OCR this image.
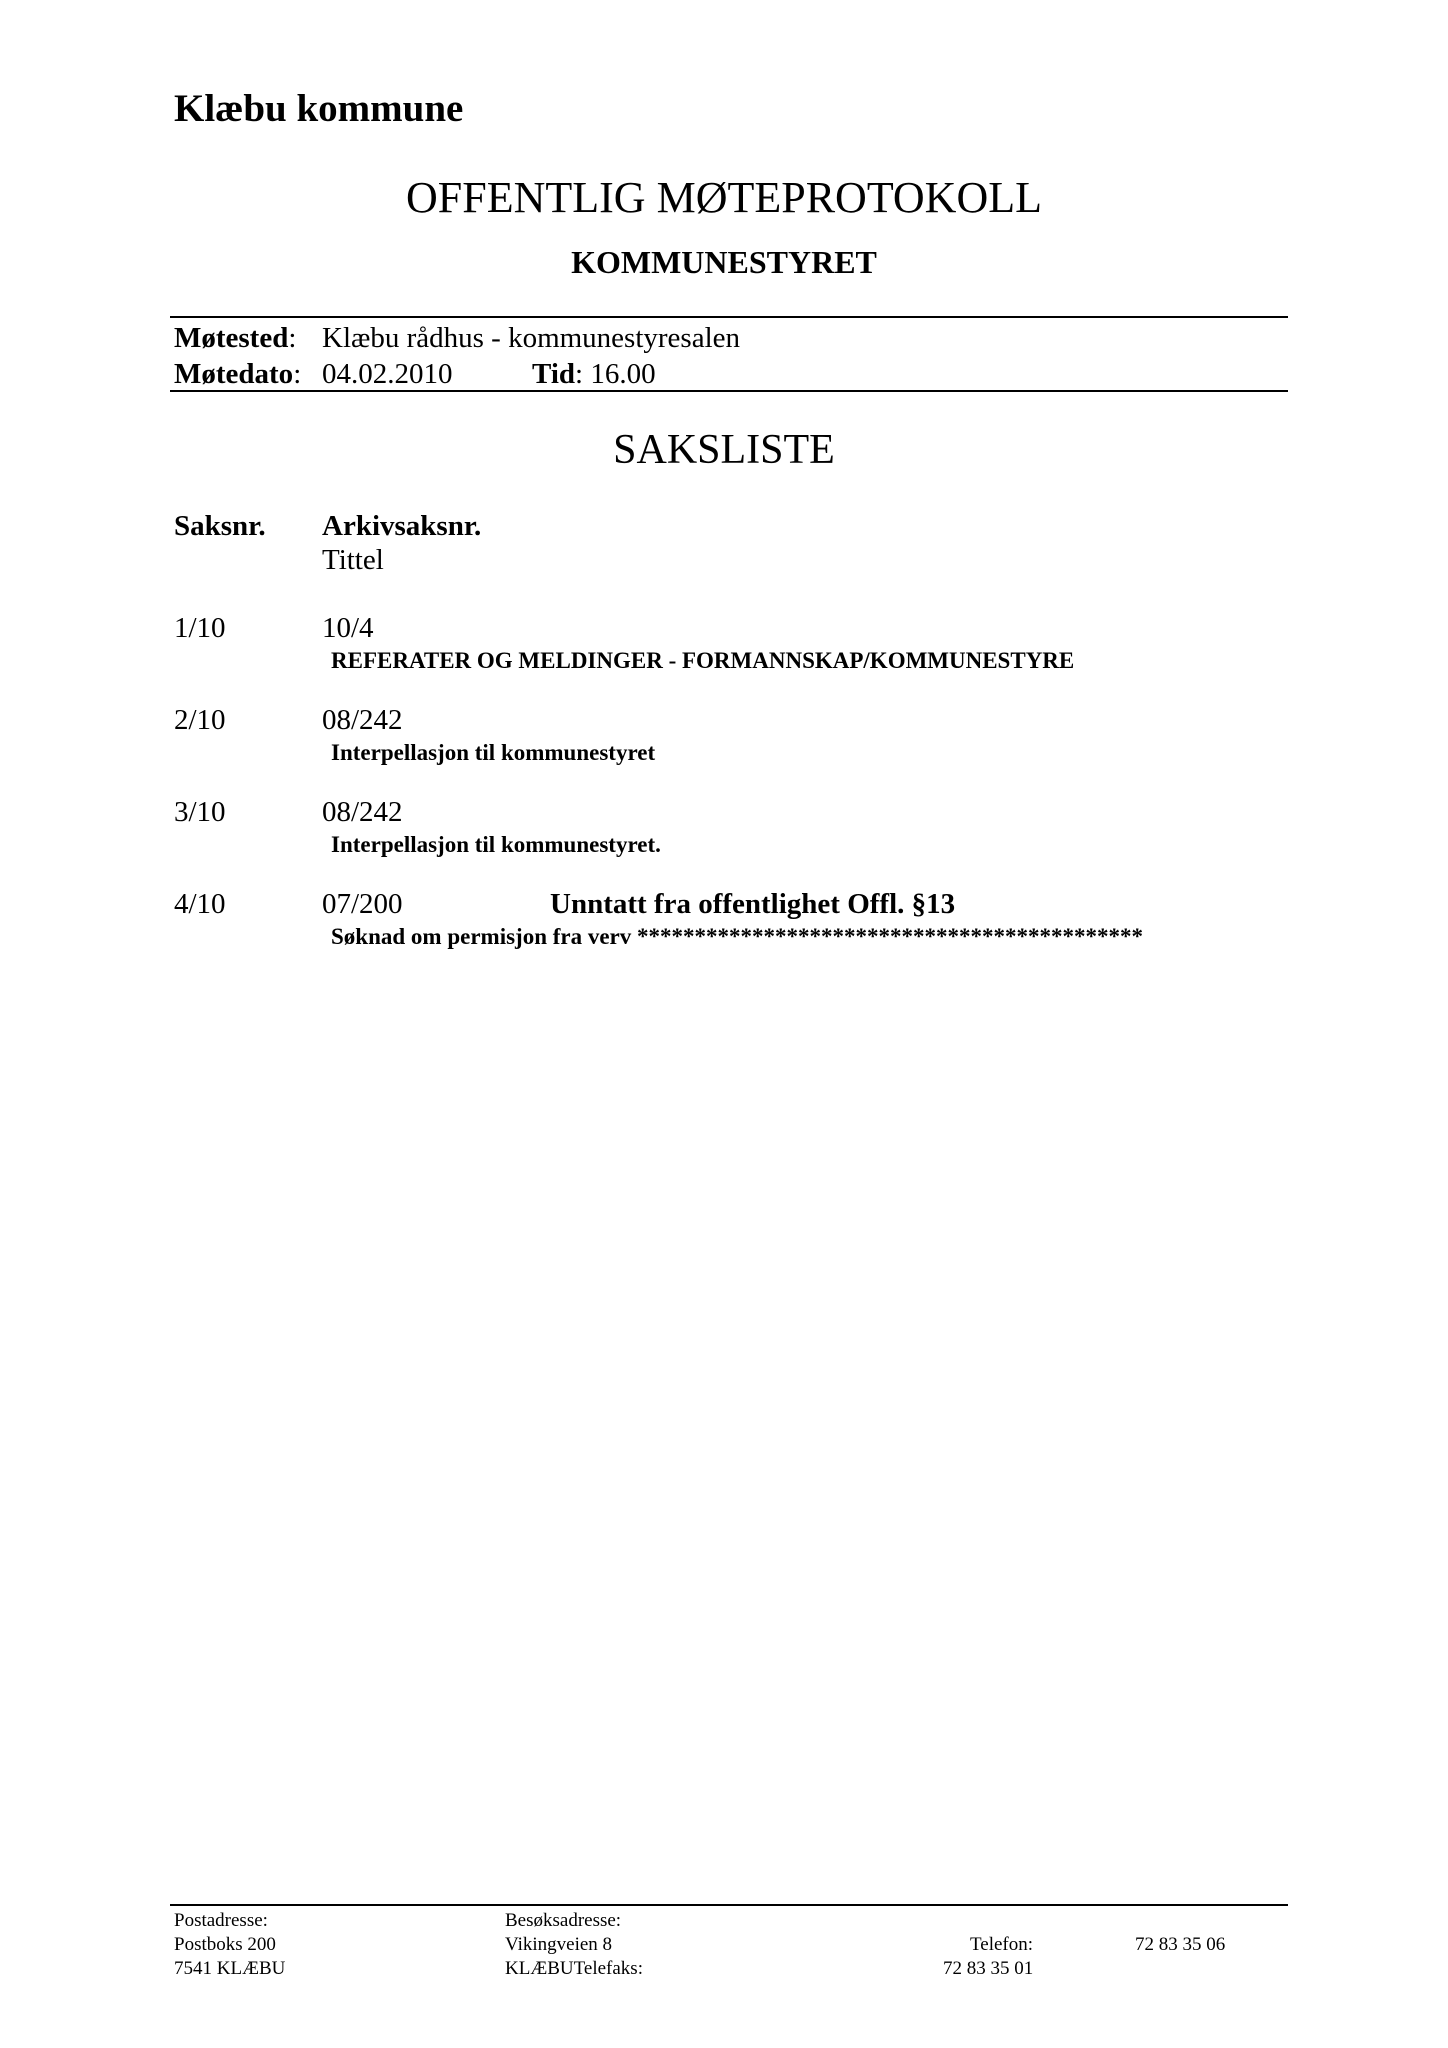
Klæbu kommune
OFFENTLIG MØTEPROTOKOLL
KOMMUNESTYRET
Møtested: Klæbu rådhus - kommunestyresalen
Møtedato: 04.02.2010	Tid: 16.00
SAKSLISTE
Saksnr. Arkivsaksnr.
Tittel
1/10	10/4
REFERATER OG MELDINGER - FORMANNSKAP/KOMMUNESTYRE
2/10	08/242
Interpellasjon til kommunestyret
3/10	08/242
Interpellasjon til kommunestyret.
4/10	07/200	Unntatt fra offentlighet Offl. §13
Søknad om permisjon fra verv ********************************************
Postadresse:
Postboks 200
7541 KLÆBU
Besøksadresse:
Vikingveien 8
KLÆBUTelefaks:
Telefon:	72 83 35 06
72 83 35 01
